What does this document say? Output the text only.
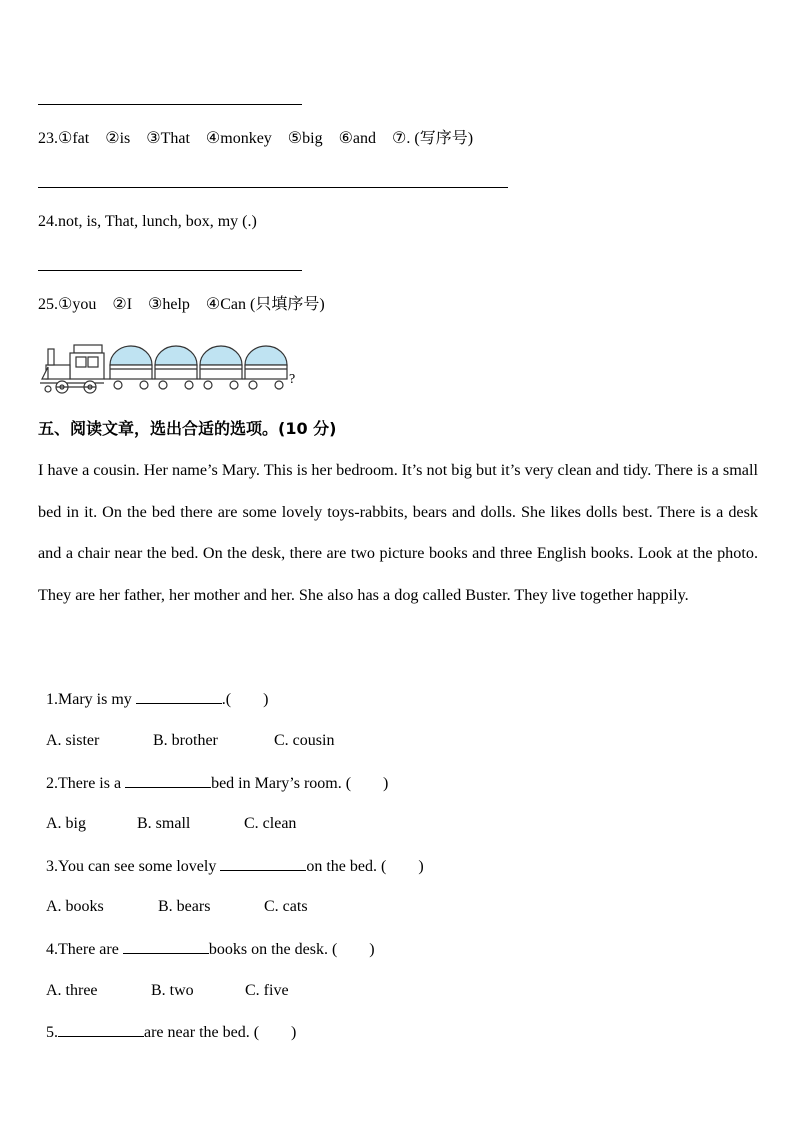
23.①fat    ②is    ③That    ④monkey    ⑤big    ⑥and    ⑦. (写序号)
24.not, is, That, lunch, box, my (.)
25.①you    ②I    ③help    ④Can (只填序号)
?
五、阅读文章，选出合适的选项。(10 分)
I have a cousin. Her name’s Mary. This is her bedroom. It’s not big but it’s very clean and tidy. There is a small bed in it. On the bed there are some lovely toys-rabbits, bears and dolls. She likes dolls best. There is a desk and a chair near the bed. On the desk, there are two picture books and three English books. Look at the photo. They are her father, her mother and her. She also has a dog called Buster. They live together happily.

1.Mary is my	.(        )

A. sister	B. brother	C. cousin

2.There is a	bed in Mary’s room. (        )

A. big	B. small	C. clean

3.You can see some lovely	on the bed. (        )

A. books	B. bears	C. cats

4.There are	books on the desk. (        )

A. three	B. two	C. five

5.	are near the bed. (        )
